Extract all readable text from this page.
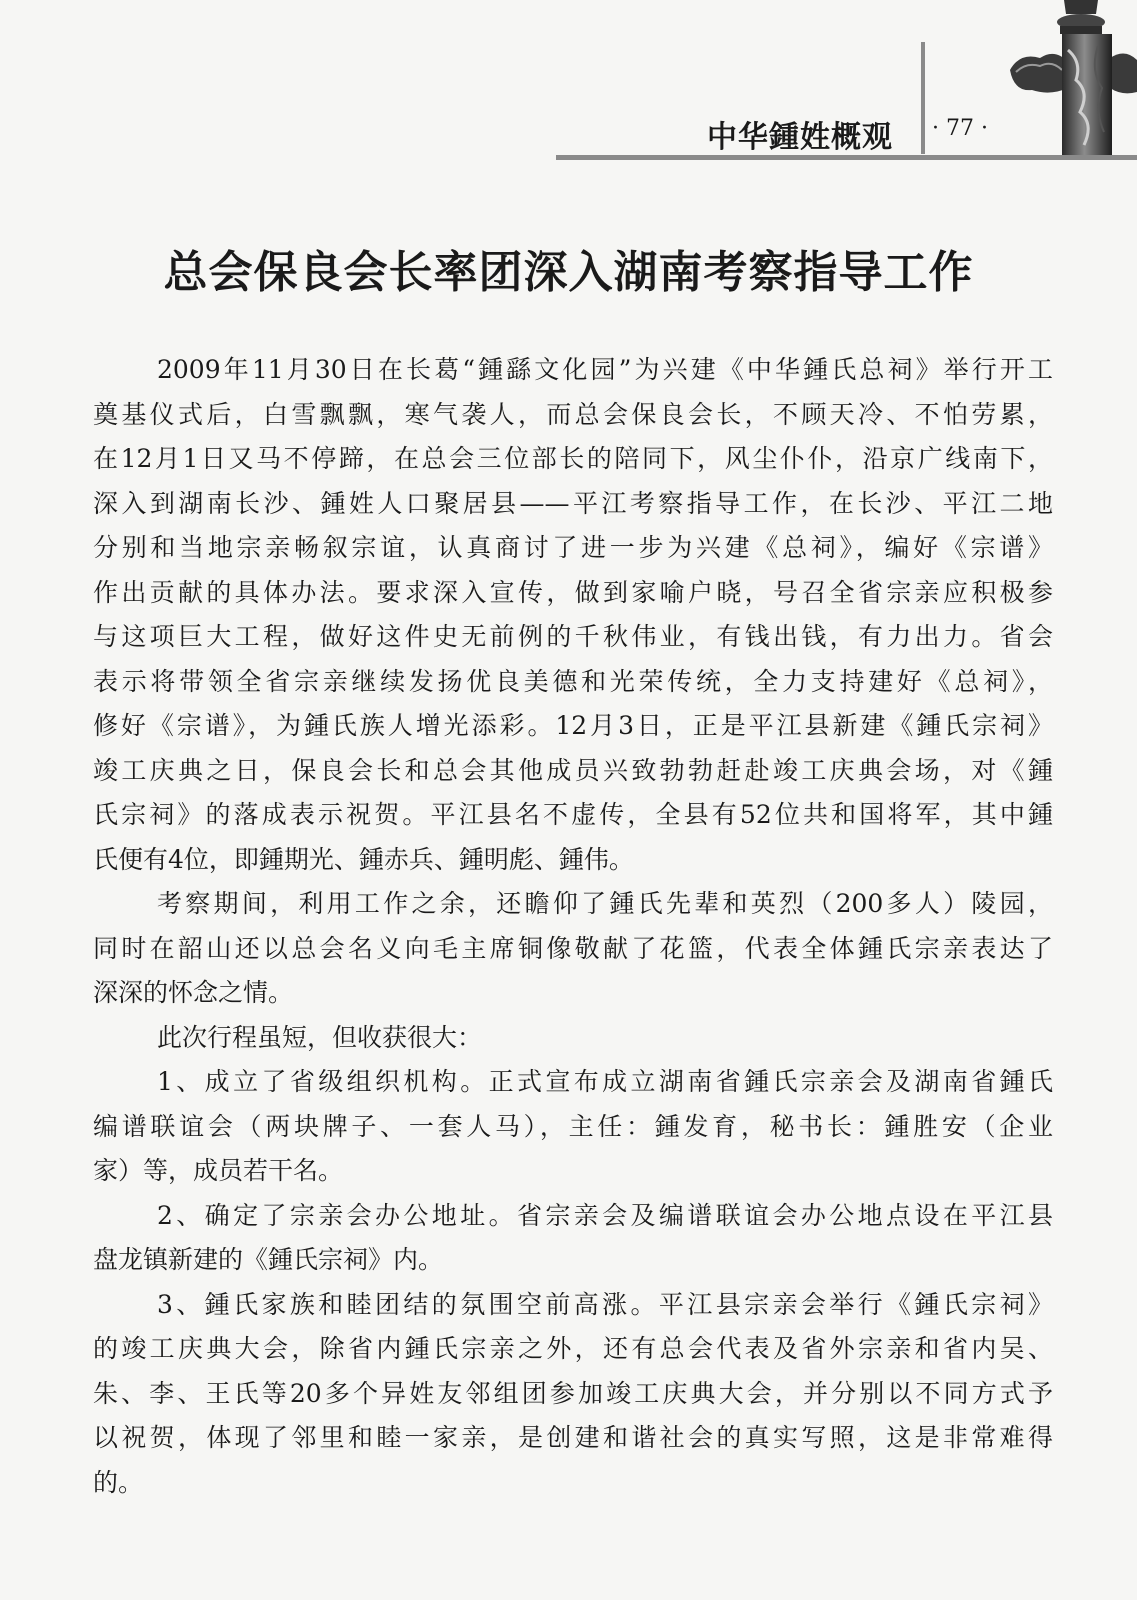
中华鍾姓概观 · 77 ·
总会保良会长率团深入湖南考察指导工作
2009年11月30日在长葛“鍾繇文化园”为兴建《中华鍾氏总祠》举行开工
奠基仪式后，白雪飘飘，寒气袭人，而总会保良会长，不顾天冷、不怕劳累，
在12月1日又马不停蹄，在总会三位部长的陪同下，风尘仆仆，沿京广线南下，
深入到湖南长沙、鍾姓人口聚居县——平江考察指导工作，在长沙、平江二地
分别和当地宗亲畅叙宗谊，认真商讨了进一步为兴建《总祠》，编好《宗谱》
作出贡献的具体办法。要求深入宣传，做到家喻户晓，号召全省宗亲应积极参
与这项巨大工程，做好这件史无前例的千秋伟业，有钱出钱，有力出力。省会
表示将带领全省宗亲继续发扬优良美德和光荣传统，全力支持建好《总祠》，
修好《宗谱》，为鍾氏族人增光添彩。12月3日，正是平江县新建《鍾氏宗祠》
竣工庆典之日，保良会长和总会其他成员兴致勃勃赶赴竣工庆典会场，对《鍾
氏宗祠》的落成表示祝贺。平江县名不虚传，全县有52位共和国将军，其中鍾
氏便有4位，即鍾期光、鍾赤兵、鍾明彪、鍾伟。
考察期间，利用工作之余，还瞻仰了鍾氏先辈和英烈（200多人）陵园，
同时在韶山还以总会名义向毛主席铜像敬献了花篮，代表全体鍾氏宗亲表达了
深深的怀念之情。
此次行程虽短，但收获很大：
1、成立了省级组织机构。正式宣布成立湖南省鍾氏宗亲会及湖南省鍾氏
编谱联谊会（两块牌子、一套人马），主任：鍾发育，秘书长：鍾胜安（企业
家）等，成员若干名。
2、确定了宗亲会办公地址。省宗亲会及编谱联谊会办公地点设在平江县
盘龙镇新建的《鍾氏宗祠》内。
3、鍾氏家族和睦团结的氛围空前高涨。平江县宗亲会举行《鍾氏宗祠》
的竣工庆典大会，除省内鍾氏宗亲之外，还有总会代表及省外宗亲和省内吴、
朱、李、王氏等20多个异姓友邻组团参加竣工庆典大会，并分别以不同方式予
以祝贺，体现了邻里和睦一家亲，是创建和谐社会的真实写照，这是非常难得
的。
